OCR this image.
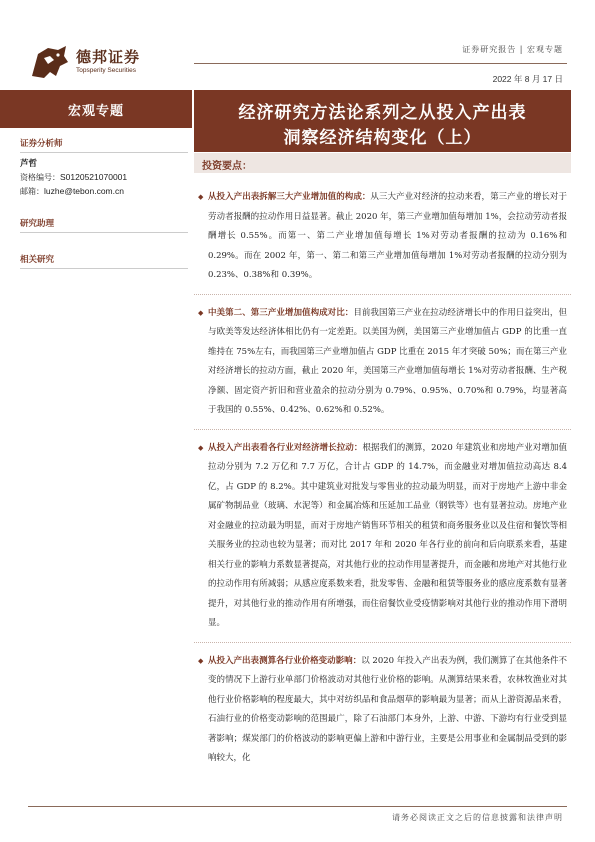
德邦证券
Topsperity Securities
证券研究报告 | 宏观专题
2022 年 8 月 17 日
宏观专题	经济研究方法论系列之从投入产出表
洞察经济结构变化（上）
证券分析师
芦哲
资格编号：S0120521070001
邮箱：luzhe@tebon.com.cn
研究助理
相关研究
投资要点：
◆ 从投入产出表拆解三大产业增加值的构成：从三大产业对经济的拉动来看，第三产业的增长对于劳动者报酬的拉动作用日益显著。截止 2020 年，第三产业增加值每增加 1%，会拉动劳动者报酬增长 0.55%。而第一、第二产业增加值每增长 1%对劳动者报酬的拉动为 0.16%和 0.29%。而在 2002 年，第一、第二和第三产业增加值每增加 1%对劳动者报酬的拉动分别为 0.23%、0.38%和 0.39%。
◆ 中美第二、第三产业增加值构成对比：目前我国第三产业在拉动经济增长中的作用日益突出，但与欧美等发达经济体相比仍有一定差距。以美国为例，美国第三产业增加值占 GDP 的比重一直维持在 75%左右，而我国第三产业增加值占 GDP 比重在 2015 年才突破 50%；而在第三产业对经济增长的拉动方面，截止 2020 年，美国第三产业增加值每增长 1%对劳动者报酬、生产税净额、固定资产折旧和营业盈余的拉动分别为 0.79%、0.95%、0.70%和 0.79%，均显著高于我国的 0.55%、0.42%、0.62%和 0.52%。
◆ 从投入产出表看各行业对经济增长拉动：根据我们的测算，2020 年建筑业和房地产业对增加值拉动分别为 7.2 万亿和 7.7 万亿，合计占 GDP 的 14.7%，而金融业对增加值拉动高达 8.4 亿，占 GDP 的 8.2%。其中建筑业对批发与零售业的拉动最为明显，而对于房地产上游中非金属矿物制品业（玻璃、水泥等）和金属冶炼和压延加工品业（钢铁等）也有显著拉动。房地产业对金融业的拉动最为明显，而对于房地产销售环节相关的租赁和商务服务业以及住宿和餐饮等相关服务业的拉动也较为显著；而对比 2017 年和 2020 年各行业的前向和后向联系来看，基建相关行业的影响力系数显著提高，对其他行业的拉动作用显著提升，而金融和房地产对其他行业的拉动作用有所减弱；从感应度系数来看，批发零售、金融和租赁等服务业的感应度系数有显著提升，对其他行业的推动作用有所增强，而住宿餐饮业受疫情影响对其他行业的推动作用下滑明显。
◆ 从投入产出表测算各行业价格变动影响：以 2020 年投入产出表为例，我们测算了在其他条件不变的情况下上游行业单部门价格波动对其他行业价格的影响。从测算结果来看，农林牧渔业对其他行业价格影响的程度最大，其中对纺织品和食品烟草的影响最为显著；而从上游资源品来看，石油行业的价格变动影响的范围最广，除了石油部门本身外，上游、中游、下游均有行业受到显著影响；煤炭部门的价格波动的影响更偏上游和中游行业，主要是公用事业和金属制品受到的影响较大，化
请务必阅读正文之后的信息披露和法律声明
